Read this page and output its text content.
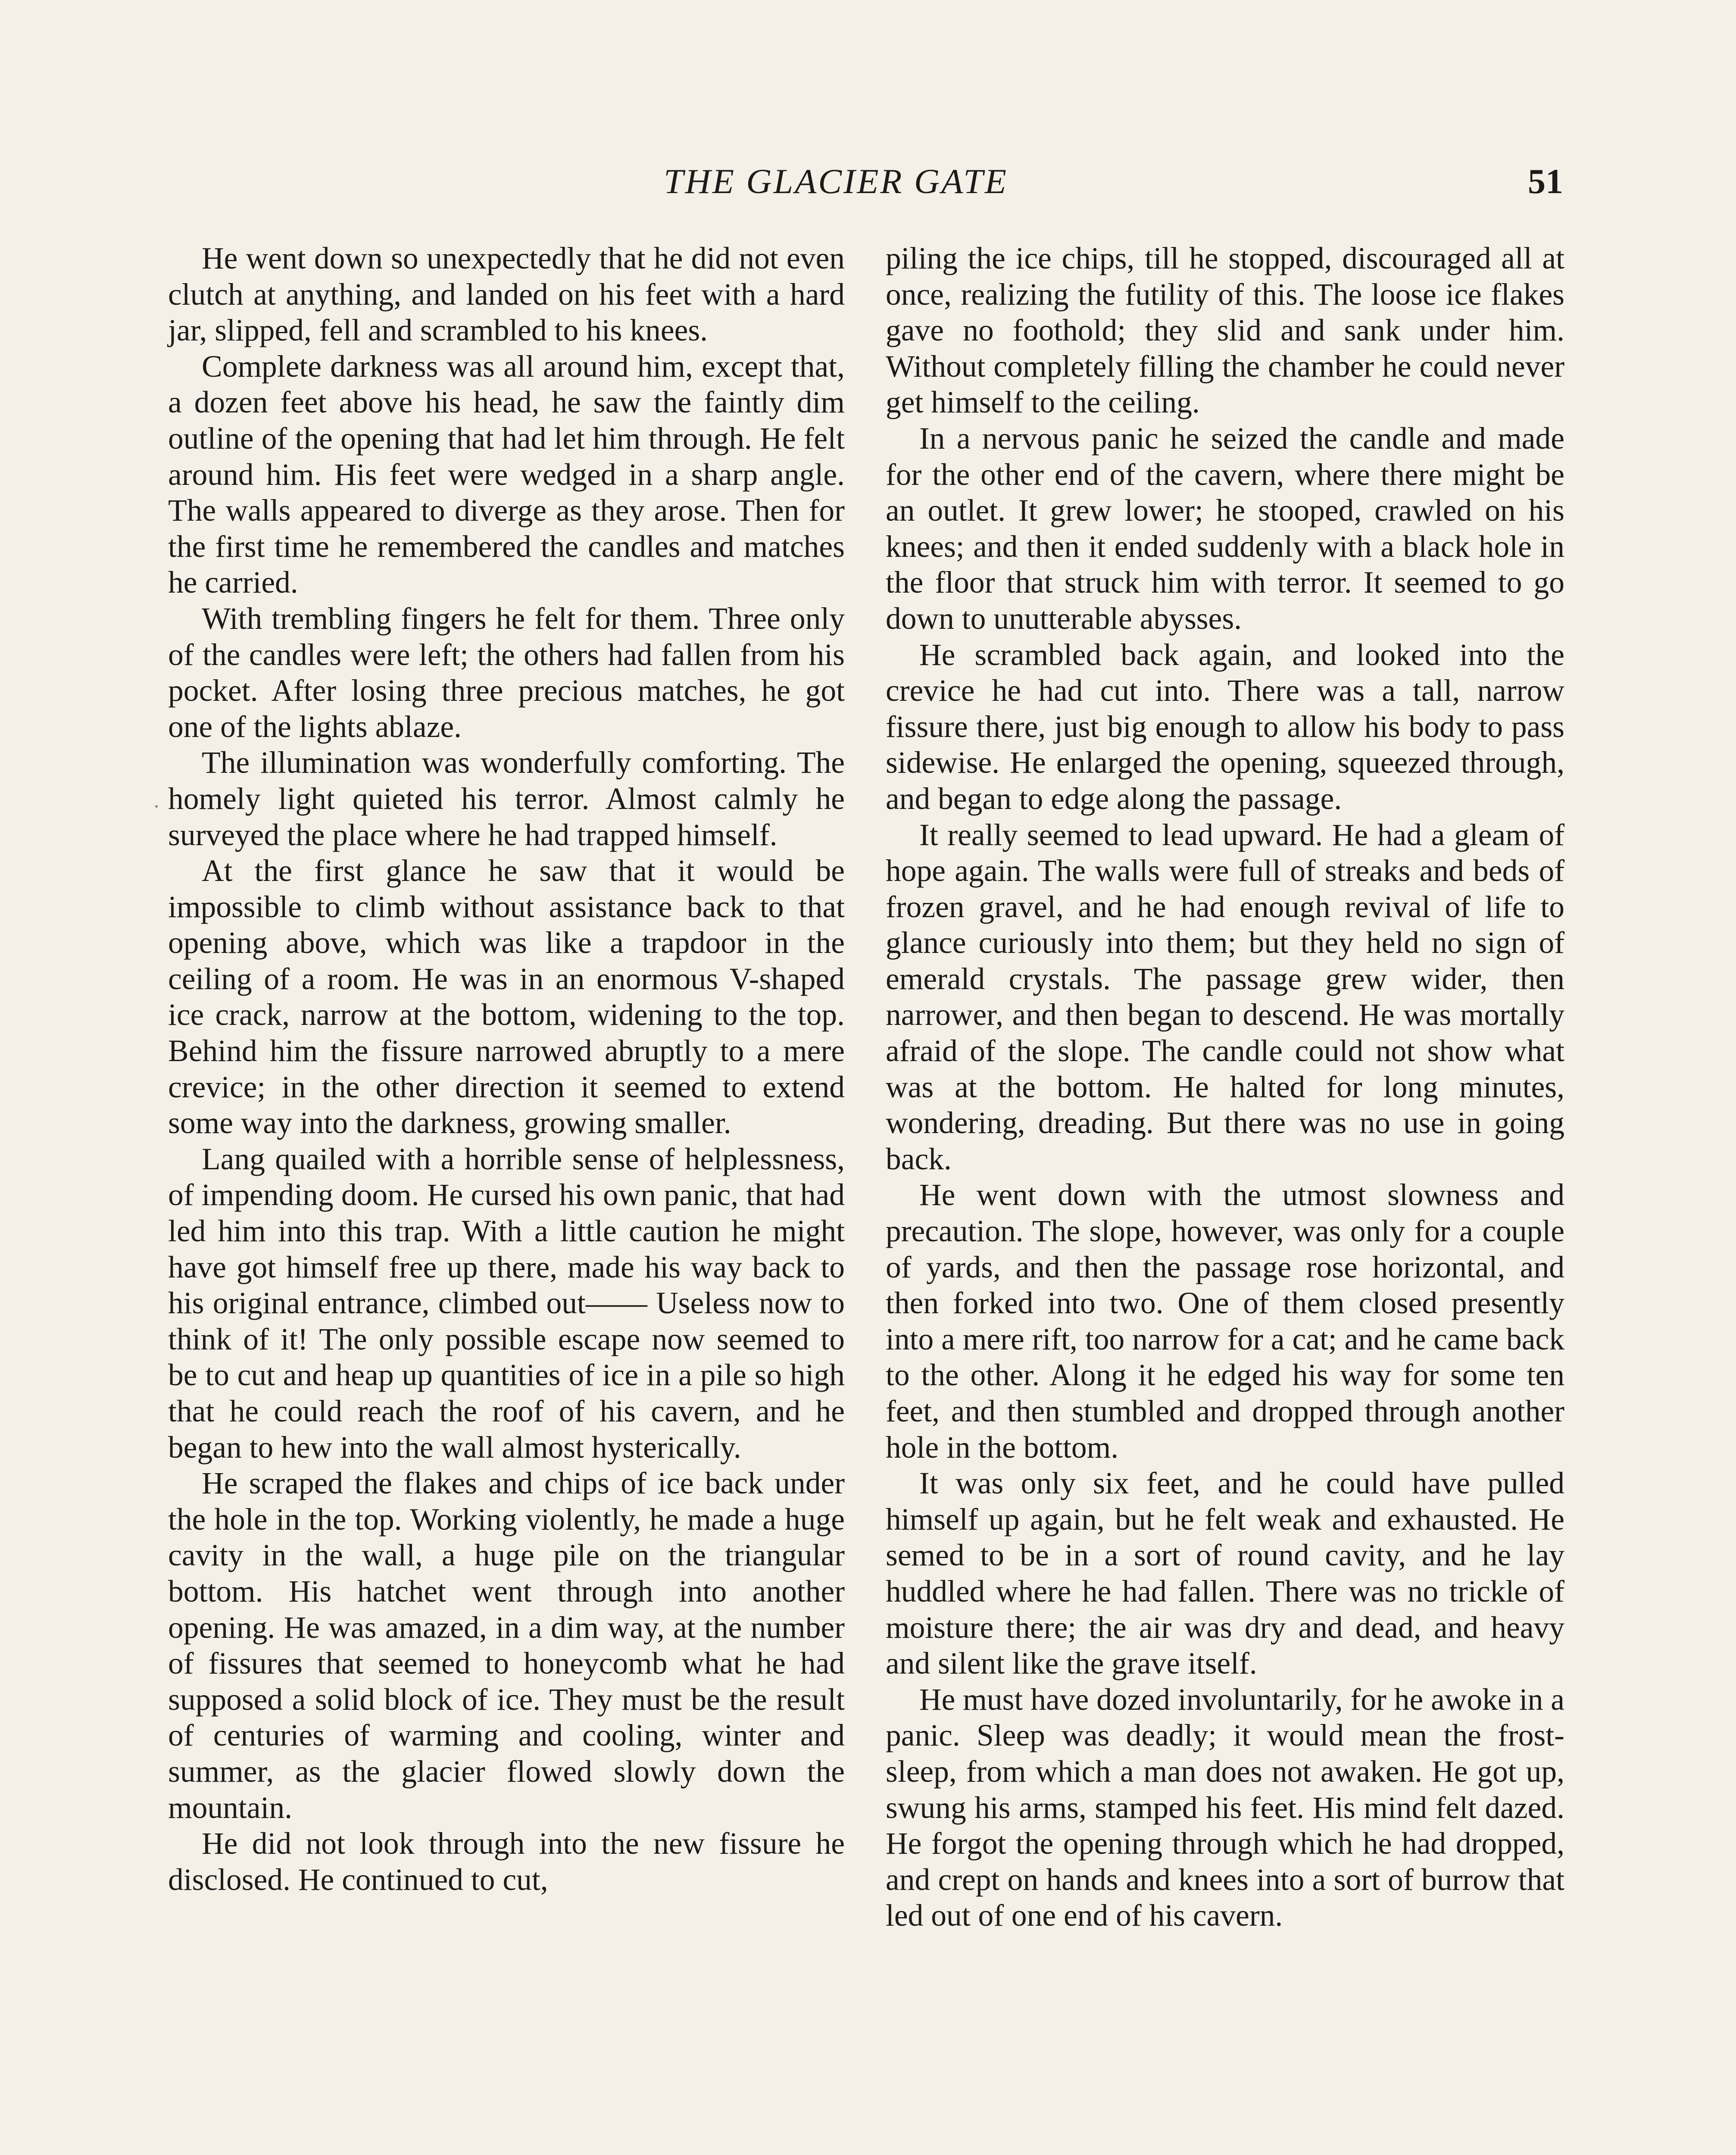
THE GLACIER GATE	51

He went down so unexpectedly that he did not even clutch at anything, and landed on his feet with a hard jar, slipped, fell and scrambled to his knees.

Complete darkness was all around him, except that, a dozen feet above his head, he saw the faintly dim outline of the opening that had let him through. He felt around him. His feet were wedged in a sharp angle. The walls appeared to diverge as they arose. Then for the first time he remembered the candles and matches he carried.

With trembling fingers he felt for them. Three only of the candles were left; the others had fallen from his pocket. After losing three precious matches, he got one of the lights ablaze.

The illumination was wonderfully comforting. The homely light quieted his terror. Almost calmly he surveyed the place where he had trapped himself.

At the first glance he saw that it would be impossible to climb without assistance back to that opening above, which was like a trapdoor in the ceiling of a room. He was in an enormous V-shaped ice crack, narrow at the bottom, widening to the top. Behind him the fissure narrowed abruptly to a mere crevice; in the other direction it seemed to extend some way into the darkness, growing smaller.

Lang quailed with a horrible sense of helplessness, of impending doom. He cursed his own panic, that had led him into this trap. With a little caution he might have got himself free up there, made his way back to his original entrance, climbed out—— Useless now to think of it! The only possible escape now seemed to be to cut and heap up quantities of ice in a pile so high that he could reach the roof of his cavern, and he began to hew into the wall almost hysterically.

He scraped the flakes and chips of ice back under the hole in the top. Working violently, he made a huge cavity in the wall, a huge pile on the triangular bottom. His hatchet went through into another opening. He was amazed, in a dim way, at the number of fissures that seemed to honeycomb what he had supposed a solid block of ice. They must be the result of centuries of warming and cooling, winter and summer, as the glacier flowed slowly down the mountain.

He did not look through into the new fissure he disclosed. He continued to cut,

piling the ice chips, till he stopped, discouraged all at once, realizing the futility of this. The loose ice flakes gave no foothold; they slid and sank under him. Without completely filling the chamber he could never get himself to the ceiling.

In a nervous panic he seized the candle and made for the other end of the cavern, where there might be an outlet. It grew lower; he stooped, crawled on his knees; and then it ended suddenly with a black hole in the floor that struck him with terror. It seemed to go down to unutterable abysses.

He scrambled back again, and looked into the crevice he had cut into. There was a tall, narrow fissure there, just big enough to allow his body to pass sidewise. He enlarged the opening, squeezed through, and began to edge along the passage.

It really seemed to lead upward. He had a gleam of hope again. The walls were full of streaks and beds of frozen gravel, and he had enough revival of life to glance curiously into them; but they held no sign of emerald crystals. The passage grew wider, then narrower, and then began to descend. He was mortally afraid of the slope. The candle could not show what was at the bottom. He halted for long minutes, wondering, dreading. But there was no use in going back.

He went down with the utmost slowness and precaution. The slope, however, was only for a couple of yards, and then the passage rose horizontal, and then forked into two. One of them closed presently into a mere rift, too narrow for a cat; and he came back to the other. Along it he edged his way for some ten feet, and then stumbled and dropped through another hole in the bottom.

It was only six feet, and he could have pulled himself up again, but he felt weak and exhausted. He semed to be in a sort of round cavity, and he lay huddled where he had fallen. There was no trickle of moisture there; the air was dry and dead, and heavy and silent like the grave itself.

He must have dozed involuntarily, for he awoke in a panic. Sleep was deadly; it would mean the frost-sleep, from which a man does not awaken. He got up, swung his arms, stamped his feet. His mind felt dazed. He forgot the opening through which he had dropped, and crept on hands and knees into a sort of burrow that led out of one end of his cavern.
